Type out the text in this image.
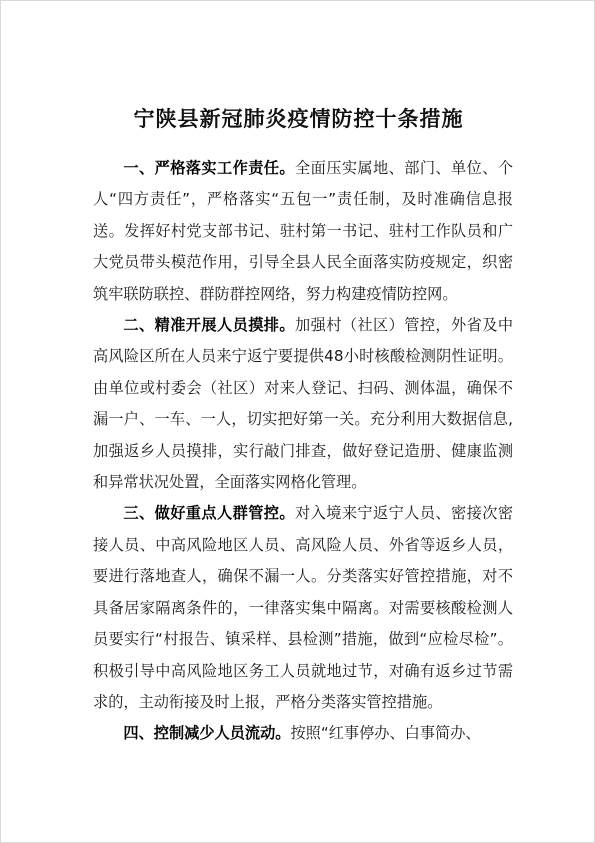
宁陕县新冠肺炎疫情防控十条措施

一、严格落实工作责任。全面压实属地、部门、单位、个人“四方责任”，严格落实“五包一”责任制，及时准确信息报送。发挥好村党支部书记、驻村第一书记、驻村工作队员和广大党员带头模范作用，引导全县人民全面落实防疫规定，织密筑牢联防联控、群防群控网络，努力构建疫情防控网。

二、精准开展人员摸排。加强村（社区）管控，外省及中高风险区所在人员来宁返宁要提供48小时核酸检测阴性证明。由单位或村委会（社区）对来人登记、扫码、测体温，确保不漏一户、一车、一人，切实把好第一关。充分利用大数据信息,加强返乡人员摸排，实行敲门排查，做好登记造册、健康监测和异常状况处置，全面落实网格化管理。

三、做好重点人群管控。对入境来宁返宁人员、密接次密接人员、中高风险地区人员、高风险人员、外省等返乡人员，要进行落地查人，确保不漏一人。分类落实好管控措施，对不具备居家隔离条件的，一律落实集中隔离。对需要核酸检测人员要实行“村报告、镇采样、县检测”措施，做到“应检尽检”。积极引导中高风险地区务工人员就地过节，对确有返乡过节需求的，主动衔接及时上报，严格分类落实管控措施。

四、控制减少人员流动。按照“红事停办、白事简办、
